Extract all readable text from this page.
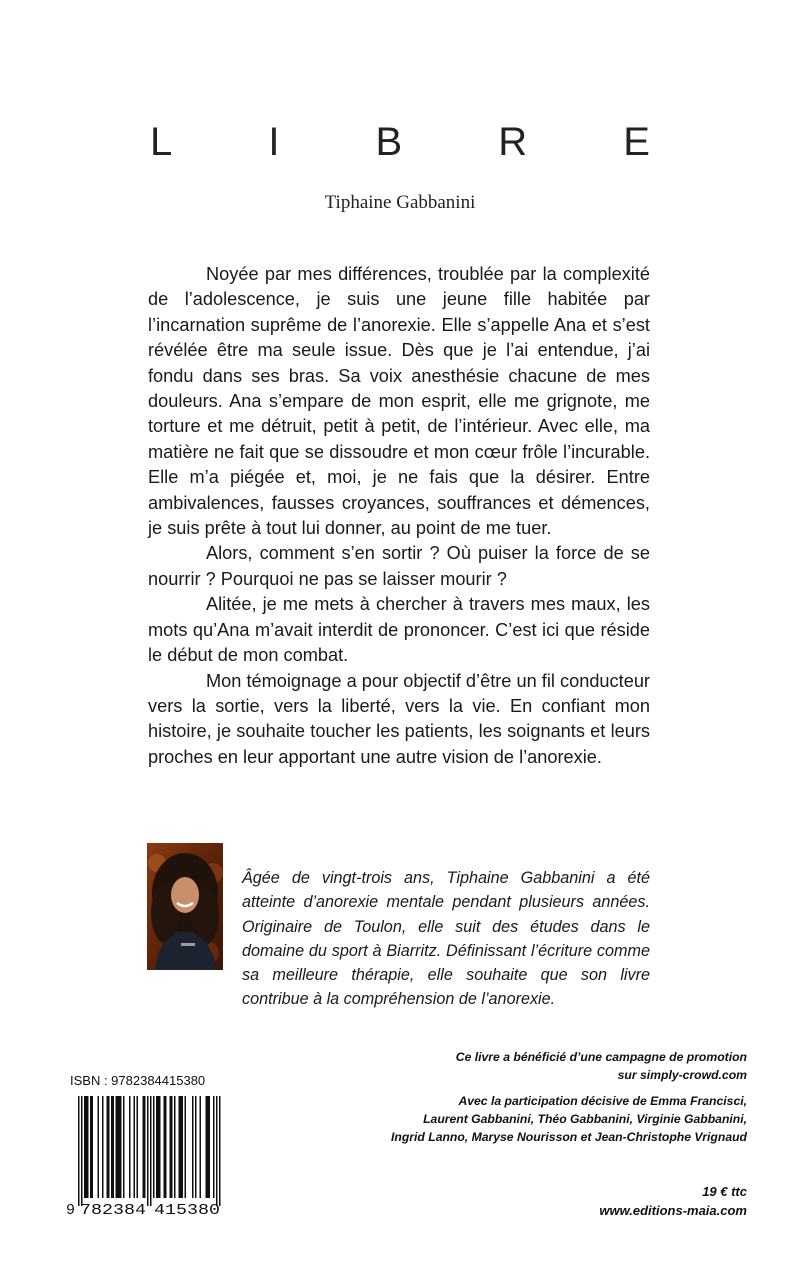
L I B R E
Tiphaine Gabbanini

Noyée par mes différences, troublée par la complexité de l’adolescence, je suis une jeune fille habitée par l’incarnation suprême de l’anorexie. Elle s’appelle Ana et s’est révélée être ma seule issue. Dès que je l’ai entendue, j’ai fondu dans ses bras. Sa voix anesthésie chacune de mes douleurs. Ana s’empare de mon esprit, elle me grignote, me torture et me détruit, petit à petit, de l’intérieur. Avec elle, ma matière ne fait que se dissoudre et mon cœur frôle l’incurable. Elle m’a piégée et, moi, je ne fais que la désirer. Entre ambivalences, fausses croyances, souffrances et démences, je suis prête à tout lui donner, au point de me tuer.

Alors, comment s’en sortir ? Où puiser la force de se nourrir ? Pourquoi ne pas se laisser mourir ?

Alitée, je me mets à chercher à travers mes maux, les mots qu’Ana m’avait interdit de prononcer. C’est ici que réside le début de mon combat.

Mon témoignage a pour objectif d’être un fil conducteur vers la sortie, vers la liberté, vers la vie. En confiant mon histoire, je souhaite toucher les patients, les soignants et leurs proches en leur apportant une autre vision de l’anorexie.

Âgée de vingt-trois ans, Tiphaine Gabbanini a été atteinte d’anorexie mentale pendant plusieurs années. Originaire de Toulon, elle suit des études dans le domaine du sport à Biarritz. Définissant l’écriture comme sa meilleure thérapie, elle souhaite que son livre contribue à la compréhension de l’anorexie.
ISBN : 9782384415380
9 782384 415380
Ce livre a bénéficié d’une campagne de promotion
sur simply-crowd.com
Avec la participation décisive de Emma Francisci,
Laurent Gabbanini, Théo Gabbanini, Virginie Gabbanini,
Ingrid Lanno, Maryse Nourisson et Jean-Christophe Vrignaud
19 € ttc
www.editions-maia.com
